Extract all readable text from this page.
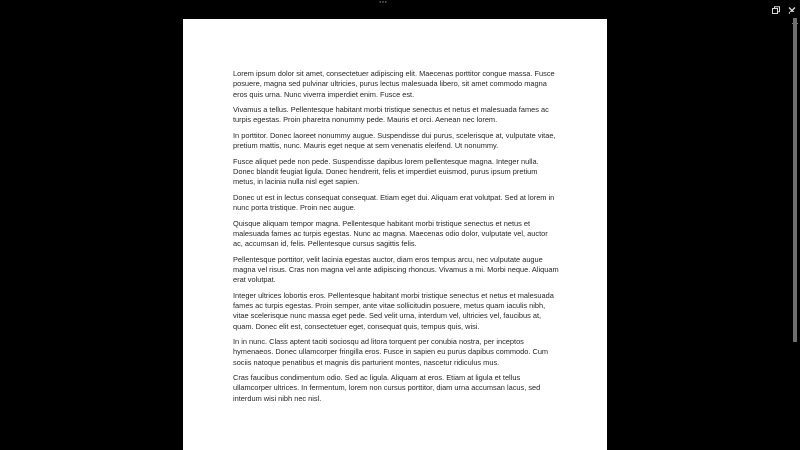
···

Lorem ipsum dolor sit amet, consectetuer adipiscing elit. Maecenas porttitor congue massa. Fusce posuere, magna sed pulvinar ultricies, purus lectus malesuada libero, sit amet commodo magna eros quis urna. Nunc viverra imperdiet enim. Fusce est.

Vivamus a tellus. Pellentesque habitant morbi tristique senectus et netus et malesuada fames ac turpis egestas. Proin pharetra nonummy pede. Mauris et orci. Aenean nec lorem.

In porttitor. Donec laoreet nonummy augue. Suspendisse dui purus, scelerisque at, vulputate vitae, pretium mattis, nunc. Mauris eget neque at sem venenatis eleifend. Ut nonummy.

Fusce aliquet pede non pede. Suspendisse dapibus lorem pellentesque magna. Integer nulla. Donec blandit feugiat ligula. Donec hendrerit, felis et imperdiet euismod, purus ipsum pretium metus, in lacinia nulla nisl eget sapien.

Donec ut est in lectus consequat consequat. Etiam eget dui. Aliquam erat volutpat. Sed at lorem in nunc porta tristique. Proin nec augue.

Quisque aliquam tempor magna. Pellentesque habitant morbi tristique senectus et netus et malesuada fames ac turpis egestas. Nunc ac magna. Maecenas odio dolor, vulputate vel, auctor ac, accumsan id, felis. Pellentesque cursus sagittis felis.

Pellentesque porttitor, velit lacinia egestas auctor, diam eros tempus arcu, nec vulputate augue magna vel risus. Cras non magna vel ante adipiscing rhoncus. Vivamus a mi. Morbi neque. Aliquam erat volutpat.

Integer ultrices lobortis eros. Pellentesque habitant morbi tristique senectus et netus et malesuada fames ac turpis egestas. Proin semper, ante vitae sollicitudin posuere, metus quam iaculis nibh, vitae scelerisque nunc massa eget pede. Sed velit urna, interdum vel, ultricies vel, faucibus at, quam. Donec elit est, consectetuer eget, consequat quis, tempus quis, wisi.

In in nunc. Class aptent taciti sociosqu ad litora torquent per conubia nostra, per inceptos hymenaeos. Donec ullamcorper fringilla eros. Fusce in sapien eu purus dapibus commodo. Cum sociis natoque penatibus et magnis dis parturient montes, nascetur ridiculus mus.

Cras faucibus condimentum odio. Sed ac ligula. Aliquam at eros. Etiam at ligula et tellus ullamcorper ultrices. In fermentum, lorem non cursus porttitor, diam urna accumsan lacus, sed interdum wisi nibh nec nisl.
